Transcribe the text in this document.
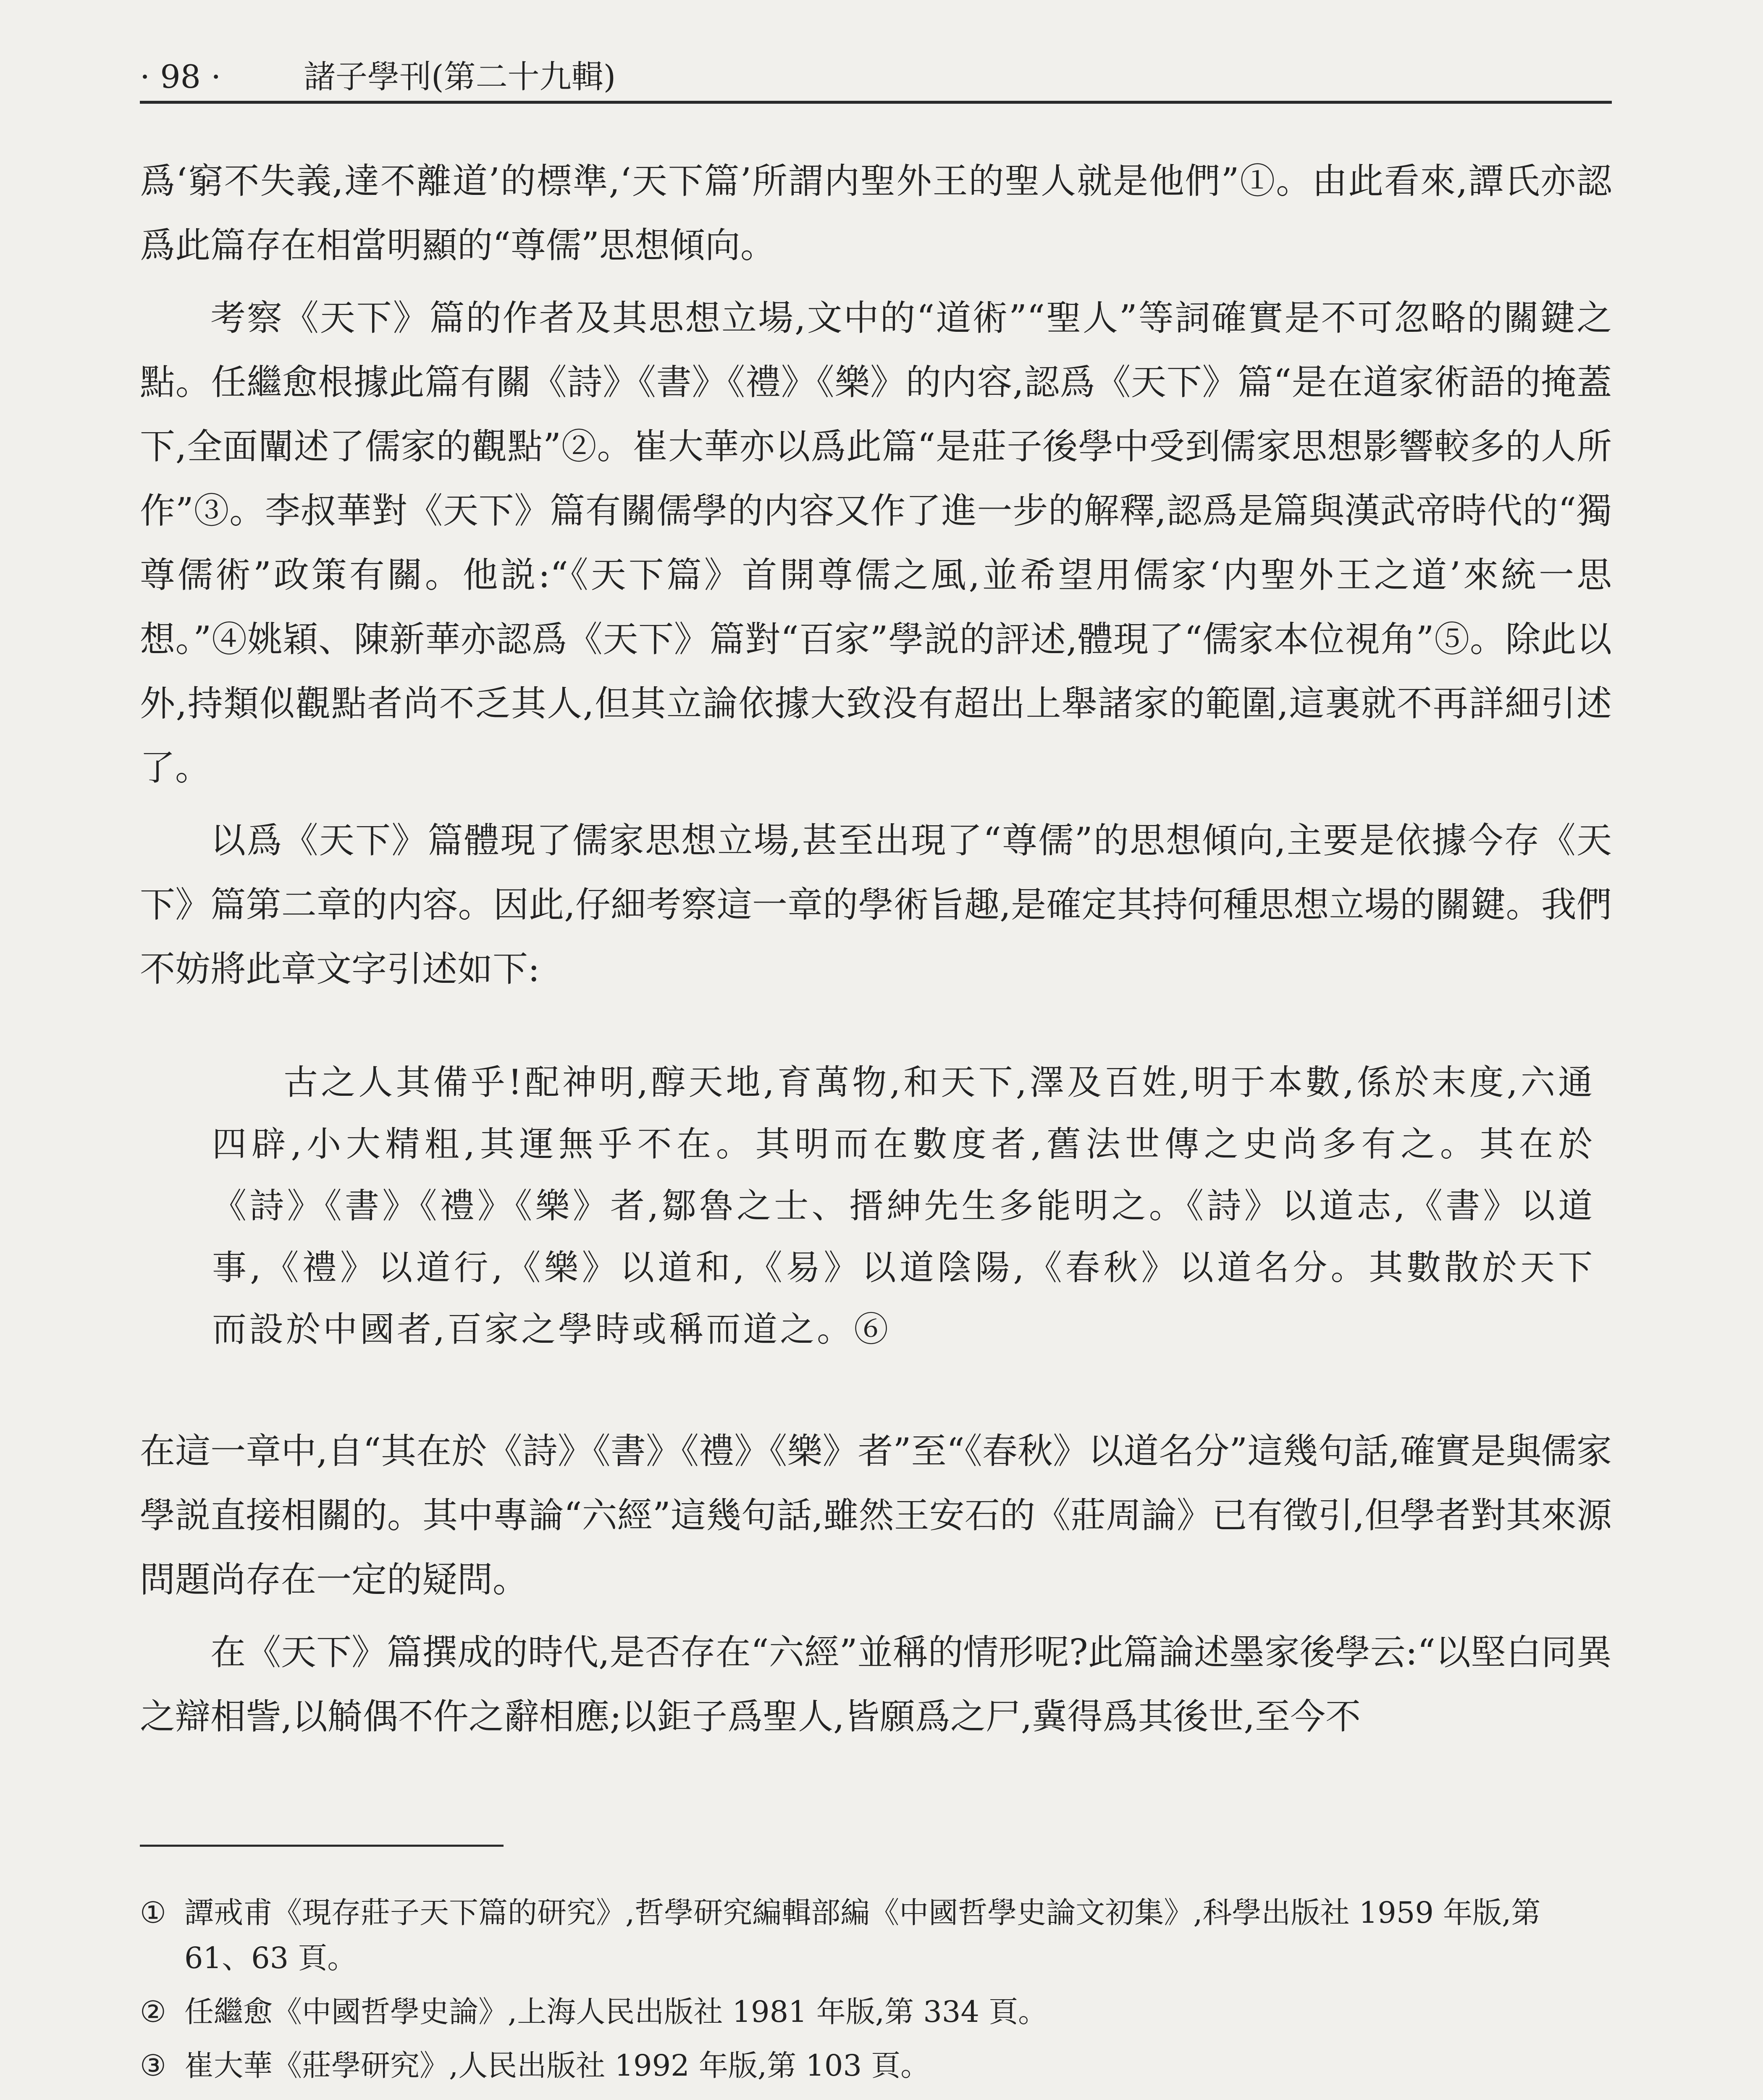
· 98 ·	諸子學刊(第二十九輯)

爲‘窮不失義,達不離道’的標準,‘天下篇’所謂内聖外王的聖人就是他們”①。由此看來,譚氏亦認爲此篇存在相當明顯的“尊儒”思想傾向。

考察《天下》篇的作者及其思想立場,文中的“道術”“聖人”等詞確實是不可忽略的關鍵之點。任繼愈根據此篇有關《詩》《書》《禮》《樂》的内容,認爲《天下》篇“是在道家術語的掩蓋下,全面闡述了儒家的觀點”②。崔大華亦以爲此篇“是莊子後學中受到儒家思想影響較多的人所作”③。李叔華對《天下》篇有關儒學的内容又作了進一步的解釋,認爲是篇與漢武帝時代的“獨尊儒術”政策有關。他説:“《天下篇》首開尊儒之風,並希望用儒家‘内聖外王之道’來統一思想。”④姚穎、陳新華亦認爲《天下》篇對“百家”學説的評述,體現了“儒家本位視角”⑤。除此以外,持類似觀點者尚不乏其人,但其立論依據大致没有超出上舉諸家的範圍,這裏就不再詳細引述了。

以爲《天下》篇體現了儒家思想立場,甚至出現了“尊儒”的思想傾向,主要是依據今存《天下》篇第二章的内容。因此,仔細考察這一章的學術旨趣,是確定其持何種思想立場的關鍵。我們不妨將此章文字引述如下:

古之人其備乎!配神明,醇天地,育萬物,和天下,澤及百姓,明于本數,係於末度,六通四辟,小大精粗,其運無乎不在。其明而在數度者,舊法世傳之史尚多有之。其在於《詩》《書》《禮》《樂》者,鄒魯之士、搢紳先生多能明之。《詩》以道志,《書》以道事,《禮》以道行,《樂》以道和,《易》以道陰陽,《春秋》以道名分。其數散於天下而設於中國者,百家之學時或稱而道之。⑥

在這一章中,自“其在於《詩》《書》《禮》《樂》者”至“《春秋》以道名分”這幾句話,確實是與儒家學説直接相關的。其中專論“六經”這幾句話,雖然王安石的《莊周論》已有徵引,但學者對其來源問題尚存在一定的疑問。

在《天下》篇撰成的時代,是否存在“六經”並稱的情形呢?此篇論述墨家後學云:“以堅白同異之辯相訾,以觭偶不仵之辭相應;以鉅子爲聖人,皆願爲之尸,冀得爲其後世,至今不

① 譚戒甫《現存莊子天下篇的研究》,哲學研究編輯部編《中國哲學史論文初集》,科學出版社 1959 年版,第 61、63 頁。
② 任繼愈《中國哲學史論》,上海人民出版社 1981 年版,第 334 頁。
③ 崔大華《莊學研究》,人民出版社 1992 年版,第 103 頁。
